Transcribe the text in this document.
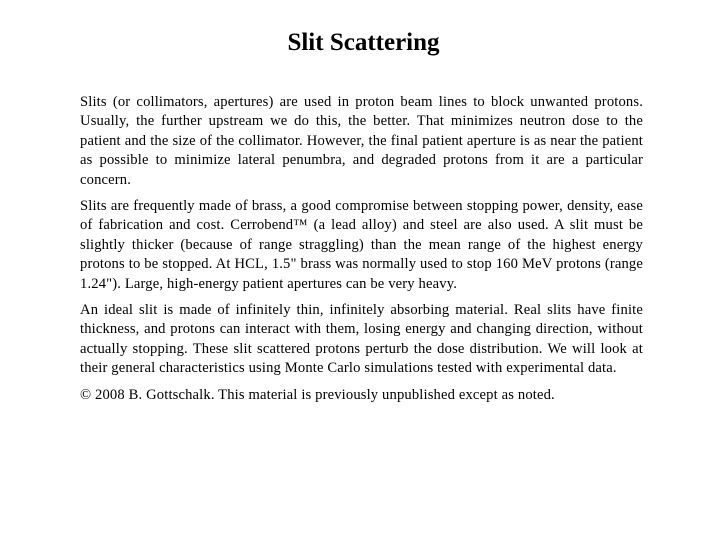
Slit Scattering

Slits (or collimators, apertures) are used in proton beam lines to block unwanted protons. Usually, the further upstream we do this, the better. That minimizes neutron dose to the patient and the size of the collimator. However, the final patient aperture is as near the patient as possible to minimize lateral penumbra, and degraded protons from it are a particular concern.

Slits are frequently made of brass, a good compromise between stopping power, density, ease of fabrication and cost. Cerrobend™ (a lead alloy) and steel are also used. A slit must be slightly thicker (because of range straggling) than the mean range of the highest energy protons to be stopped. At HCL, 1.5" brass was normally used to stop 160 MeV protons (range 1.24"). Large, high-energy patient apertures can be very heavy.

An ideal slit is made of infinitely thin, infinitely absorbing material. Real slits have finite thickness, and protons can interact with them, losing energy and changing direction, without actually stopping. These slit scattered protons perturb the dose distribution. We will look at their general characteristics using Monte Carlo simulations tested with experimental data.

© 2008 B. Gottschalk. This material is previously unpublished except as noted.
